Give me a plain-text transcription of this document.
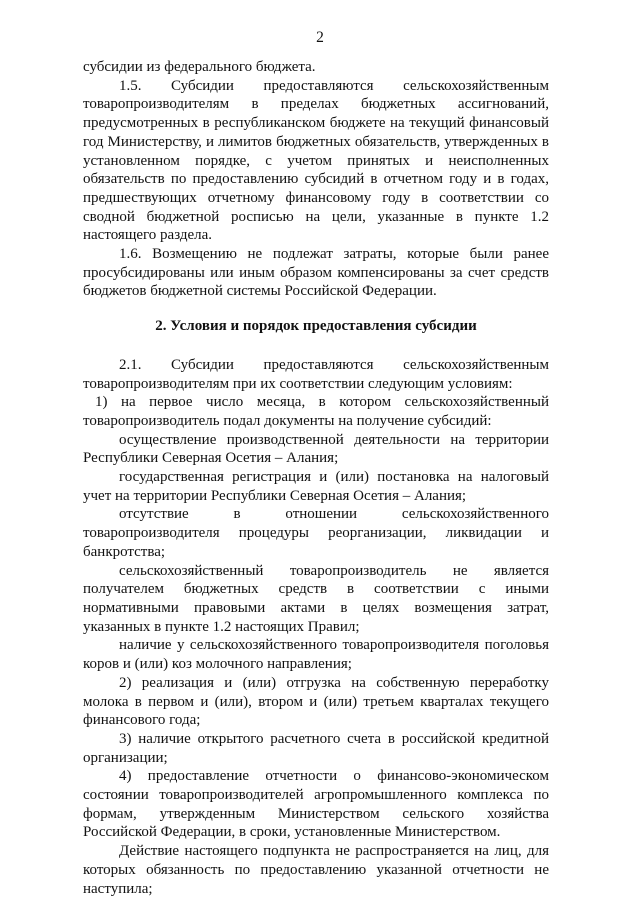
2

субсидии из федерального бюджета.

1.5. Субсидии предоставляются сельскохозяйственным товаропроизводителям в пределах бюджетных ассигнований, предусмотренных в республиканском бюджете на текущий финансовый год Министерству, и лимитов бюджетных обязательств, утвержденных в установленном порядке, с учетом принятых и неисполненных обязательств по предоставлению субсидий в отчетном году и в годах, предшествующих отчетному финансовому году в соответствии со сводной бюджетной росписью на цели, указанные в пункте 1.2 настоящего раздела.

1.6. Возмещению не подлежат затраты, которые были ранее просубсидированы или иным образом компенсированы за счет средств бюджетов бюджетной системы Российской Федерации.

2. Условия и порядок предоставления субсидии

2.1. Субсидии предоставляются сельскохозяйственным товаропроизводителям при их соответствии следующим условиям:

1) на первое число месяца, в котором сельскохозяйственный товаропроизводитель подал документы на получение субсидий:

осуществление производственной деятельности на территории Республики Северная Осетия – Алания;

государственная регистрация и (или) постановка на налоговый учет на территории Республики Северная Осетия – Алания;

отсутствие в отношении сельскохозяйственного товаропроизводителя процедуры реорганизации, ликвидации и банкротства;

сельскохозяйственный товаропроизводитель не является получателем бюджетных средств в соответствии с иными нормативными правовыми актами в целях возмещения затрат, указанных в пункте 1.2 настоящих Правил;

наличие у сельскохозяйственного товаропроизводителя поголовья коров и (или) коз молочного направления;

2) реализация и (или) отгрузка на собственную переработку молока в первом и (или), втором и (или) третьем кварталах текущего финансового года;

3) наличие открытого расчетного счета в российской кредитной организации;

4) предоставление отчетности о финансово-экономическом состоянии товаропроизводителей агропромышленного комплекса по формам, утвержденным Министерством сельского хозяйства Российской Федерации, в сроки, установленные Министерством.

Действие настоящего подпункта не распространяется на лиц, для которых обязанность по предоставлению указанной отчетности не наступила;
